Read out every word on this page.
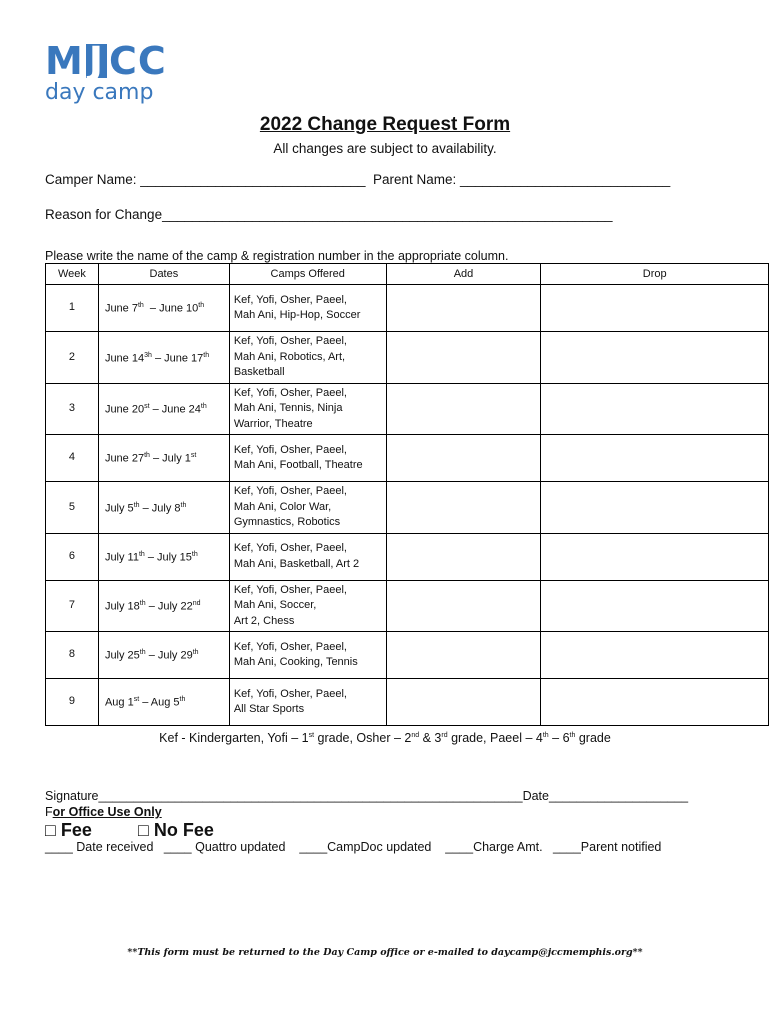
M J CC
day camp
2022 Change Request Form
All changes are subject to availability.
Camper Name: ______________________________  Parent Name: ____________________________
Reason for Change____________________________________________________________
Please write the name of the camp & registration number in the appropriate column.
Week	Dates	Camps Offered	Add	Drop
1	June 7th  – June 10th	Kef, Yofi, Osher, Paeel,
Mah Ani, Hip-Hop, Soccer		

2	June $14^{3h}$ – June 17th	Kef, Yofi, Osher, Paeel,
Mah Ani, Robotics, Art,
Basketball		

3	June 20st – June 24th	Kef, Yofi, Osher, Paeel,
Mah Ani, Tennis, Ninja
Warrior, Theatre		

4	June 27th – July 1st	Kef, Yofi, Osher, Paeel,
Mah Ani, Football, Theatre		

5	July 5th – July 8th	Kef, Yofi, Osher, Paeel,
Mah Ani, Color War,
Gymnastics, Robotics		

6	July 11th – July 15th	Kef, Yofi, Osher, Paeel,
Mah Ani, Basketball, Art 2		

7	July 18th – July 22nd	Kef, Yofi, Osher, Paeel,
Mah Ani, Soccer,
Art 2, Chess		

8	July 25th – July 29th	Kef, Yofi, Osher, Paeel,
Mah Ani, Cooking, Tennis		

9	Aug 1st – Aug 5th	Kef, Yofi, Osher, Paeel,
All Star Sports		

Kef - Kindergarten, Yofi – 1st grade, Osher – 2nd & 3rd grade, Paeel – 4th – 6th grade
Signature_____________________________________________________________Date____________________
For Office Use Only
□ Fee	□ No Fee
____ Date received   ____ Quattro updated    ____CampDoc updated    ____Charge Amt.   ____Parent notified
**This form must be returned to the Day Camp office or e-mailed to daycamp@jccmemphis.org**
